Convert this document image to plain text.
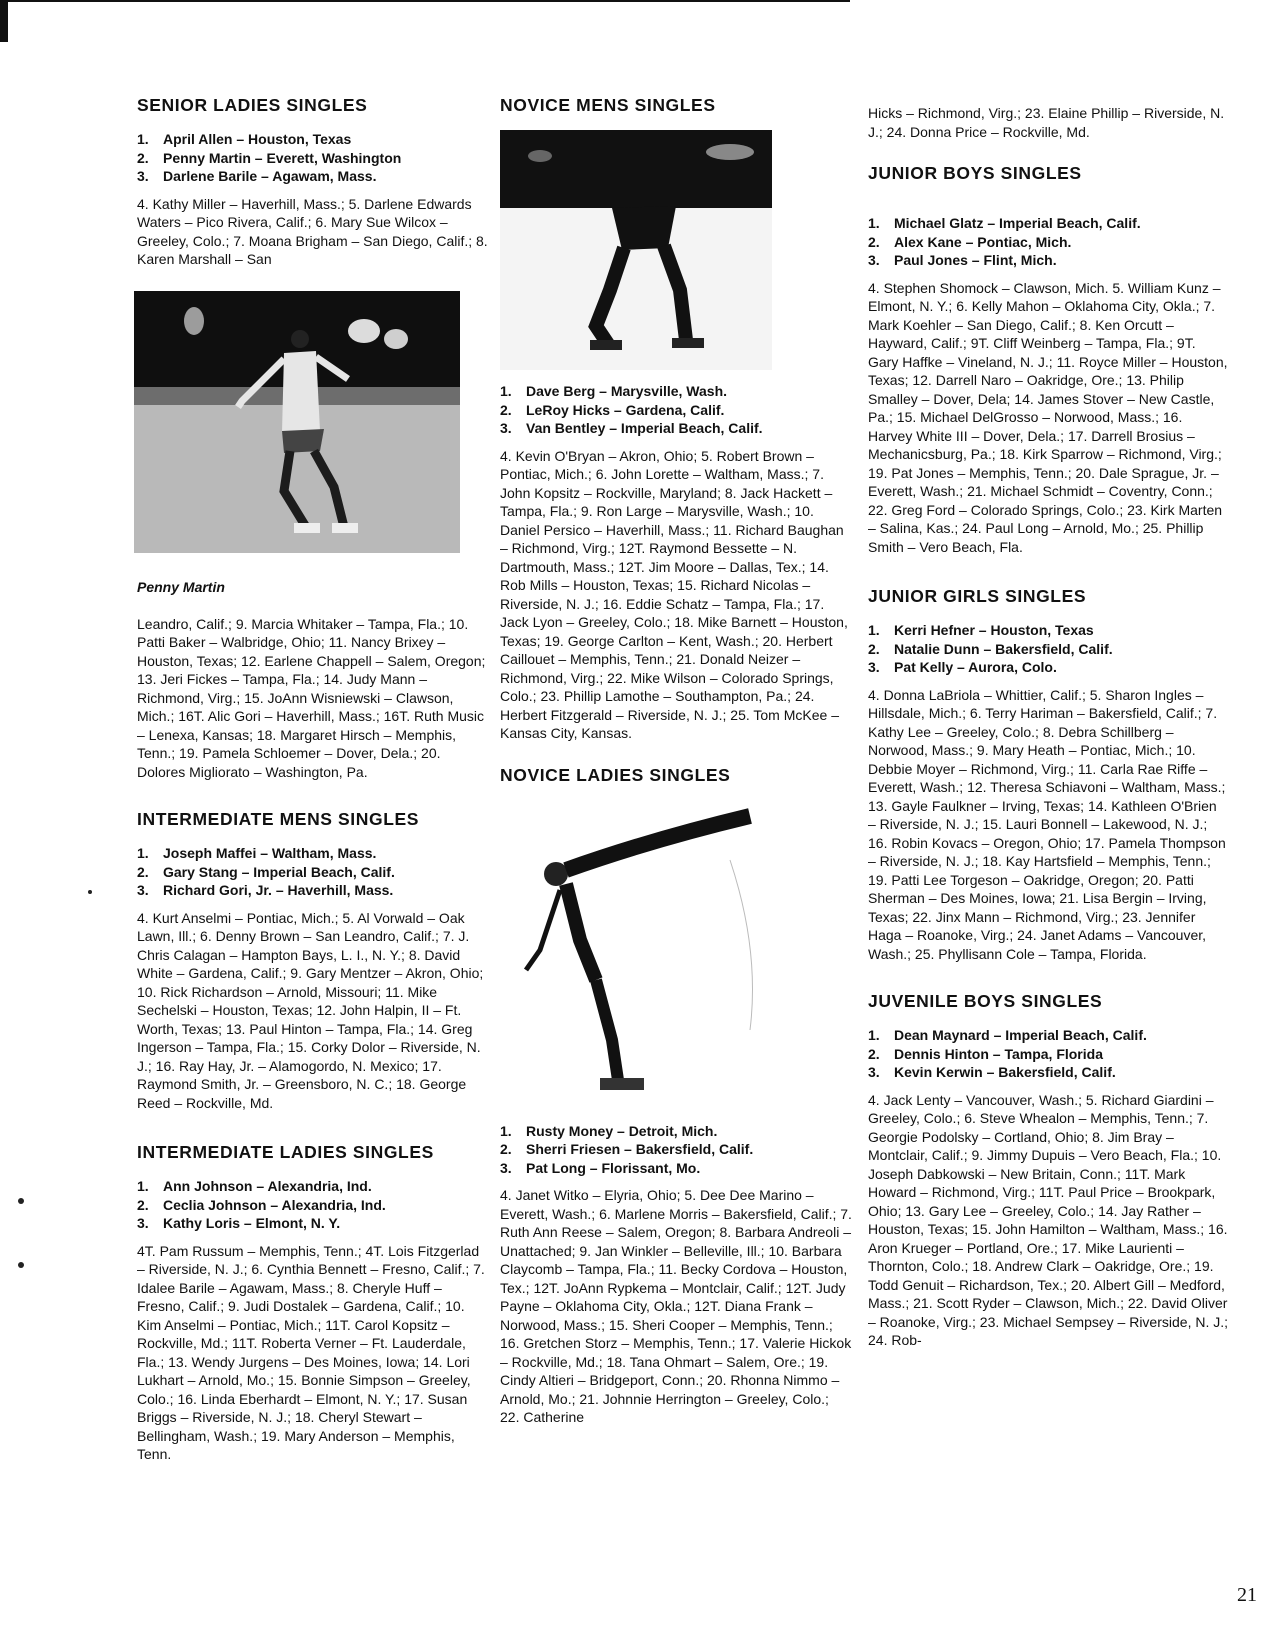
SENIOR LADIES SINGLES
1. April Allen – Houston, Texas
2. Penny Martin – Everett, Washington
3. Darlene Barile – Agawam, Mass.

4. Kathy Miller – Haverhill, Mass.; 5. Darlene Edwards Waters – Pico Rivera, Calif.; 6. Mary Sue Wilcox – Greeley, Colo.; 7. Moana Brigham – San Diego, Calif.; 8. Karen Marshall – San

Penny Martin

Leandro, Calif.; 9. Marcia Whitaker – Tampa, Fla.; 10. Patti Baker – Walbridge, Ohio; 11. Nancy Brixey – Houston, Texas; 12. Earlene Chappell – Salem, Oregon; 13. Jeri Fickes – Tampa, Fla.; 14. Judy Mann – Richmond, Virg.; 15. JoAnn Wisniewski – Clawson, Mich.; 16T. Alic Gori – Haverhill, Mass.; 16T. Ruth Music – Lenexa, Kansas; 18. Margaret Hirsch – Memphis, Tenn.; 19. Pamela Schloemer – Dover, Dela.; 20. Dolores Migliorato – Washington, Pa.

INTERMEDIATE MENS SINGLES
1. Joseph Maffei – Waltham, Mass.
2. Gary Stang – Imperial Beach, Calif.
3. Richard Gori, Jr. – Haverhill, Mass.

4. Kurt Anselmi – Pontiac, Mich.; 5. Al Vorwald – Oak Lawn, Ill.; 6. Denny Brown – San Leandro, Calif.; 7. J. Chris Calagan – Hampton Bays, L. I., N. Y.; 8. David White – Gardena, Calif.; 9. Gary Mentzer – Akron, Ohio; 10. Rick Richardson – Arnold, Missouri; 11. Mike Sechelski – Houston, Texas; 12. John Halpin, II – Ft. Worth, Texas; 13. Paul Hinton – Tampa, Fla.; 14. Greg Ingerson – Tampa, Fla.; 15. Corky Dolor – Riverside, N. J.; 16. Ray Hay, Jr. – Alamogordo, N. Mexico; 17. Raymond Smith, Jr. – Greensboro, N. C.; 18. George Reed – Rockville, Md.

INTERMEDIATE LADIES SINGLES
1. Ann Johnson – Alexandria, Ind.
2. Ceclia Johnson – Alexandria, Ind.
3. Kathy Loris – Elmont, N. Y.

4T. Pam Russum – Memphis, Tenn.; 4T. Lois Fitzgerlad – Riverside, N. J.; 6. Cynthia Bennett – Fresno, Calif.; 7. Idalee Barile – Agawam, Mass.; 8. Cheryle Huff – Fresno, Calif.; 9. Judi Dostalek – Gardena, Calif.; 10. Kim Anselmi – Pontiac, Mich.; 11T. Carol Kopsitz – Rockville, Md.; 11T. Roberta Verner – Ft. Lauderdale, Fla.; 13. Wendy Jurgens – Des Moines, Iowa; 14. Lori Lukhart – Arnold, Mo.; 15. Bonnie Simpson – Greeley, Colo.; 16. Linda Eberhardt – Elmont, N. Y.; 17. Susan Briggs – Riverside, N. J.; 18. Cheryl Stewart – Bellingham, Wash.; 19. Mary Anderson – Memphis, Tenn.

NOVICE MENS SINGLES
1. Dave Berg – Marysville, Wash.
2. LeRoy Hicks – Gardena, Calif.
3. Van Bentley – Imperial Beach, Calif.

4. Kevin O'Bryan – Akron, Ohio; 5. Robert Brown – Pontiac, Mich.; 6. John Lorette – Waltham, Mass.; 7. John Kopsitz – Rockville, Maryland; 8. Jack Hackett – Tampa, Fla.; 9. Ron Large – Marysville, Wash.; 10. Daniel Persico – Haverhill, Mass.; 11. Richard Baughan – Richmond, Virg.; 12T. Raymond Bessette – N. Dartmouth, Mass.; 12T. Jim Moore – Dallas, Tex.; 14. Rob Mills – Houston, Texas; 15. Richard Nicolas – Riverside, N. J.; 16. Eddie Schatz – Tampa, Fla.; 17. Jack Lyon – Greeley, Colo.; 18. Mike Barnett – Houston, Texas; 19. George Carlton – Kent, Wash.; 20. Herbert Caillouet – Memphis, Tenn.; 21. Donald Neizer – Richmond, Virg.; 22. Mike Wilson – Colorado Springs, Colo.; 23. Phillip Lamothe – Southampton, Pa.; 24. Herbert Fitzgerald – Riverside, N. J.; 25. Tom McKee – Kansas City, Kansas.

NOVICE LADIES SINGLES
1. Rusty Money – Detroit, Mich.
2. Sherri Friesen – Bakersfield, Calif.
3. Pat Long – Florissant, Mo.

4. Janet Witko – Elyria, Ohio; 5. Dee Dee Marino – Everett, Wash.; 6. Marlene Morris – Bakersfield, Calif.; 7. Ruth Ann Reese – Salem, Oregon; 8. Barbara Andreoli – Unattached; 9. Jan Winkler – Belleville, Ill.; 10. Barbara Claycomb – Tampa, Fla.; 11. Becky Cordova – Houston, Tex.; 12T. JoAnn Rypkema – Montclair, Calif.; 12T. Judy Payne – Oklahoma City, Okla.; 12T. Diana Frank – Norwood, Mass.; 15. Sheri Cooper – Memphis, Tenn.; 16. Gretchen Storz – Memphis, Tenn.; 17. Valerie Hickok – Rockville, Md.; 18. Tana Ohmart – Salem, Ore.; 19. Cindy Altieri – Bridgeport, Conn.; 20. Rhonna Nimmo – Arnold, Mo.; 21. Johnnie Herrington – Greeley, Colo.; 22. Catherine

Hicks – Richmond, Virg.; 23. Elaine Phillip – Riverside, N. J.; 24. Donna Price – Rockville, Md.

JUNIOR BOYS SINGLES
1. Michael Glatz – Imperial Beach, Calif.
2. Alex Kane – Pontiac, Mich.
3. Paul Jones – Flint, Mich.

4. Stephen Shomock – Clawson, Mich. 5. William Kunz – Elmont, N. Y.; 6. Kelly Mahon – Oklahoma City, Okla.; 7. Mark Koehler – San Diego, Calif.; 8. Ken Orcutt – Hayward, Calif.; 9T. Cliff Weinberg – Tampa, Fla.; 9T. Gary Haffke – Vineland, N. J.; 11. Royce Miller – Houston, Texas; 12. Darrell Naro – Oakridge, Ore.; 13. Philip Smalley – Dover, Dela; 14. James Stover – New Castle, Pa.; 15. Michael DelGrosso – Norwood, Mass.; 16. Harvey White III – Dover, Dela.; 17. Darrell Brosius – Mechanicsburg, Pa.; 18. Kirk Sparrow – Richmond, Virg.; 19. Pat Jones – Memphis, Tenn.; 20. Dale Sprague, Jr. – Everett, Wash.; 21. Michael Schmidt – Coventry, Conn.; 22. Greg Ford – Colorado Springs, Colo.; 23. Kirk Marten – Salina, Kas.; 24. Paul Long – Arnold, Mo.; 25. Phillip Smith – Vero Beach, Fla.

JUNIOR GIRLS SINGLES
1. Kerri Hefner – Houston, Texas
2. Natalie Dunn – Bakersfield, Calif.
3. Pat Kelly – Aurora, Colo.

4. Donna LaBriola – Whittier, Calif.; 5. Sharon Ingles – Hillsdale, Mich.; 6. Terry Hariman – Bakersfield, Calif.; 7. Kathy Lee – Greeley, Colo.; 8. Debra Schillberg – Norwood, Mass.; 9. Mary Heath – Pontiac, Mich.; 10. Debbie Moyer – Richmond, Virg.; 11. Carla Rae Riffe – Everett, Wash.; 12. Theresa Schiavoni – Waltham, Mass.; 13. Gayle Faulkner – Irving, Texas; 14. Kathleen O'Brien – Riverside, N. J.; 15. Lauri Bonnell – Lakewood, N. J.; 16. Robin Kovacs – Oregon, Ohio; 17. Pamela Thompson – Riverside, N. J.; 18. Kay Hartsfield – Memphis, Tenn.; 19. Patti Lee Torgeson – Oakridge, Oregon; 20. Patti Sherman – Des Moines, Iowa; 21. Lisa Bergin – Irving, Texas; 22. Jinx Mann – Richmond, Virg.; 23. Jennifer Haga – Roanoke, Virg.; 24. Janet Adams – Vancouver, Wash.; 25. Phyllisann Cole – Tampa, Florida.

JUVENILE BOYS SINGLES
1. Dean Maynard – Imperial Beach, Calif.
2. Dennis Hinton – Tampa, Florida
3. Kevin Kerwin – Bakersfield, Calif.

4. Jack Lenty – Vancouver, Wash.; 5. Richard Giardini – Greeley, Colo.; 6. Steve Whealon – Memphis, Tenn.; 7. Georgie Podolsky – Cortland, Ohio; 8. Jim Bray – Montclair, Calif.; 9. Jimmy Dupuis – Vero Beach, Fla.; 10. Joseph Dabkowski – New Britain, Conn.; 11T. Mark Howard – Richmond, Virg.; 11T. Paul Price – Brookpark, Ohio; 13. Gary Lee – Greeley, Colo.; 14. Jay Rather – Houston, Texas; 15. John Hamilton – Waltham, Mass.; 16. Aron Krueger – Portland, Ore.; 17. Mike Laurienti – Thornton, Colo.; 18. Andrew Clark – Oakridge, Ore.; 19. Todd Genuit – Richardson, Tex.; 20. Albert Gill – Medford, Mass.; 21. Scott Ryder – Clawson, Mich.; 22. David Oliver – Roanoke, Virg.; 23. Michael Sempsey – Riverside, N. J.; 24. Rob-

21
